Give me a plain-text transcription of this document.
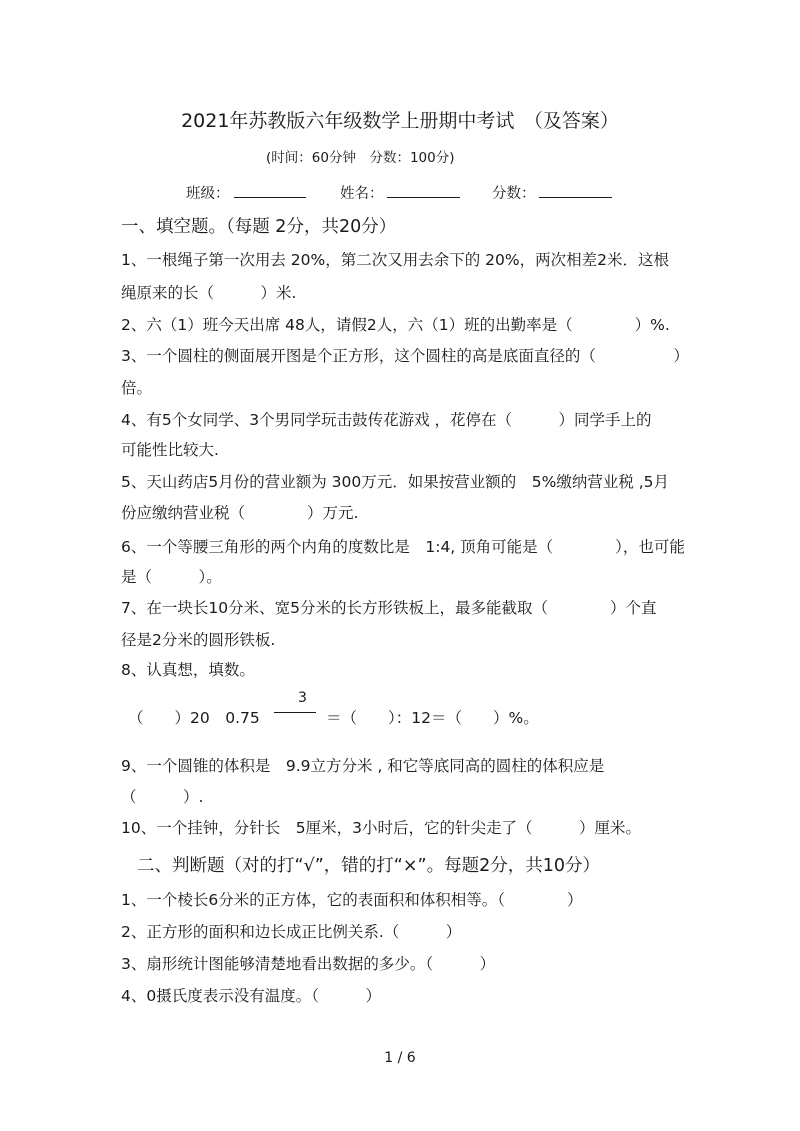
2021年苏教版六年级数学上册期中考试　（及答案）
(时间：60分钟　分数：100分)
班级：	姓名：	分数：
一、填空题。（每题 2分，共20分）
1、一根绳子第一次用去 20%，第二次又用去余下的 20%，两次相差2米．这根
绳原来的长（　　　）米.
2、六（1）班今天出席 48人，请假2人，六（1）班的出勤率是（　　　　）%.
3、一个圆柱的侧面展开图是个正方形，这个圆柱的高是底面直径的（　　　　　）
倍。
4、有5个女同学、3个男同学玩击鼓传花游戏 ，花停在（　　　）同学手上的
可能性比较大.
5、天山药店5月份的营业额为 300万元．如果按营业额的　5%缴纳营业税 ,5月
份应缴纳营业税（　　　　）万元.
6、一个等腰三角形的两个内角的度数比是　1:4, 顶角可能是（　　　　），也可能
是（　　　）。
7、在一块长10分米、宽5分米的长方形铁板上，最多能截取（　　　　）个直
径是2分米的圆形铁板.
8、认真想，填数。
（　　）20　0.75
3
＝（　　）：12＝（　　）%。
9、一个圆锥的体积是　9.9立方分米 , 和它等底同高的圆柱的体积应是
（　　　）.
10、一个挂钟，分针长　5厘米，3小时后，它的针尖走了（　　　）厘米。
二、判断题（对的打“√”，错的打“×”。每题2分，共10分）
1、一个棱长6分米的正方体，它的表面积和体积相等。（　　　　）
2、正方形的面积和边长成正比例关系.（　　　）
3、扇形统计图能够清楚地看出数据的多少。（　　　）
4、0摄氏度表示没有温度。（　　　）
1 / 6
